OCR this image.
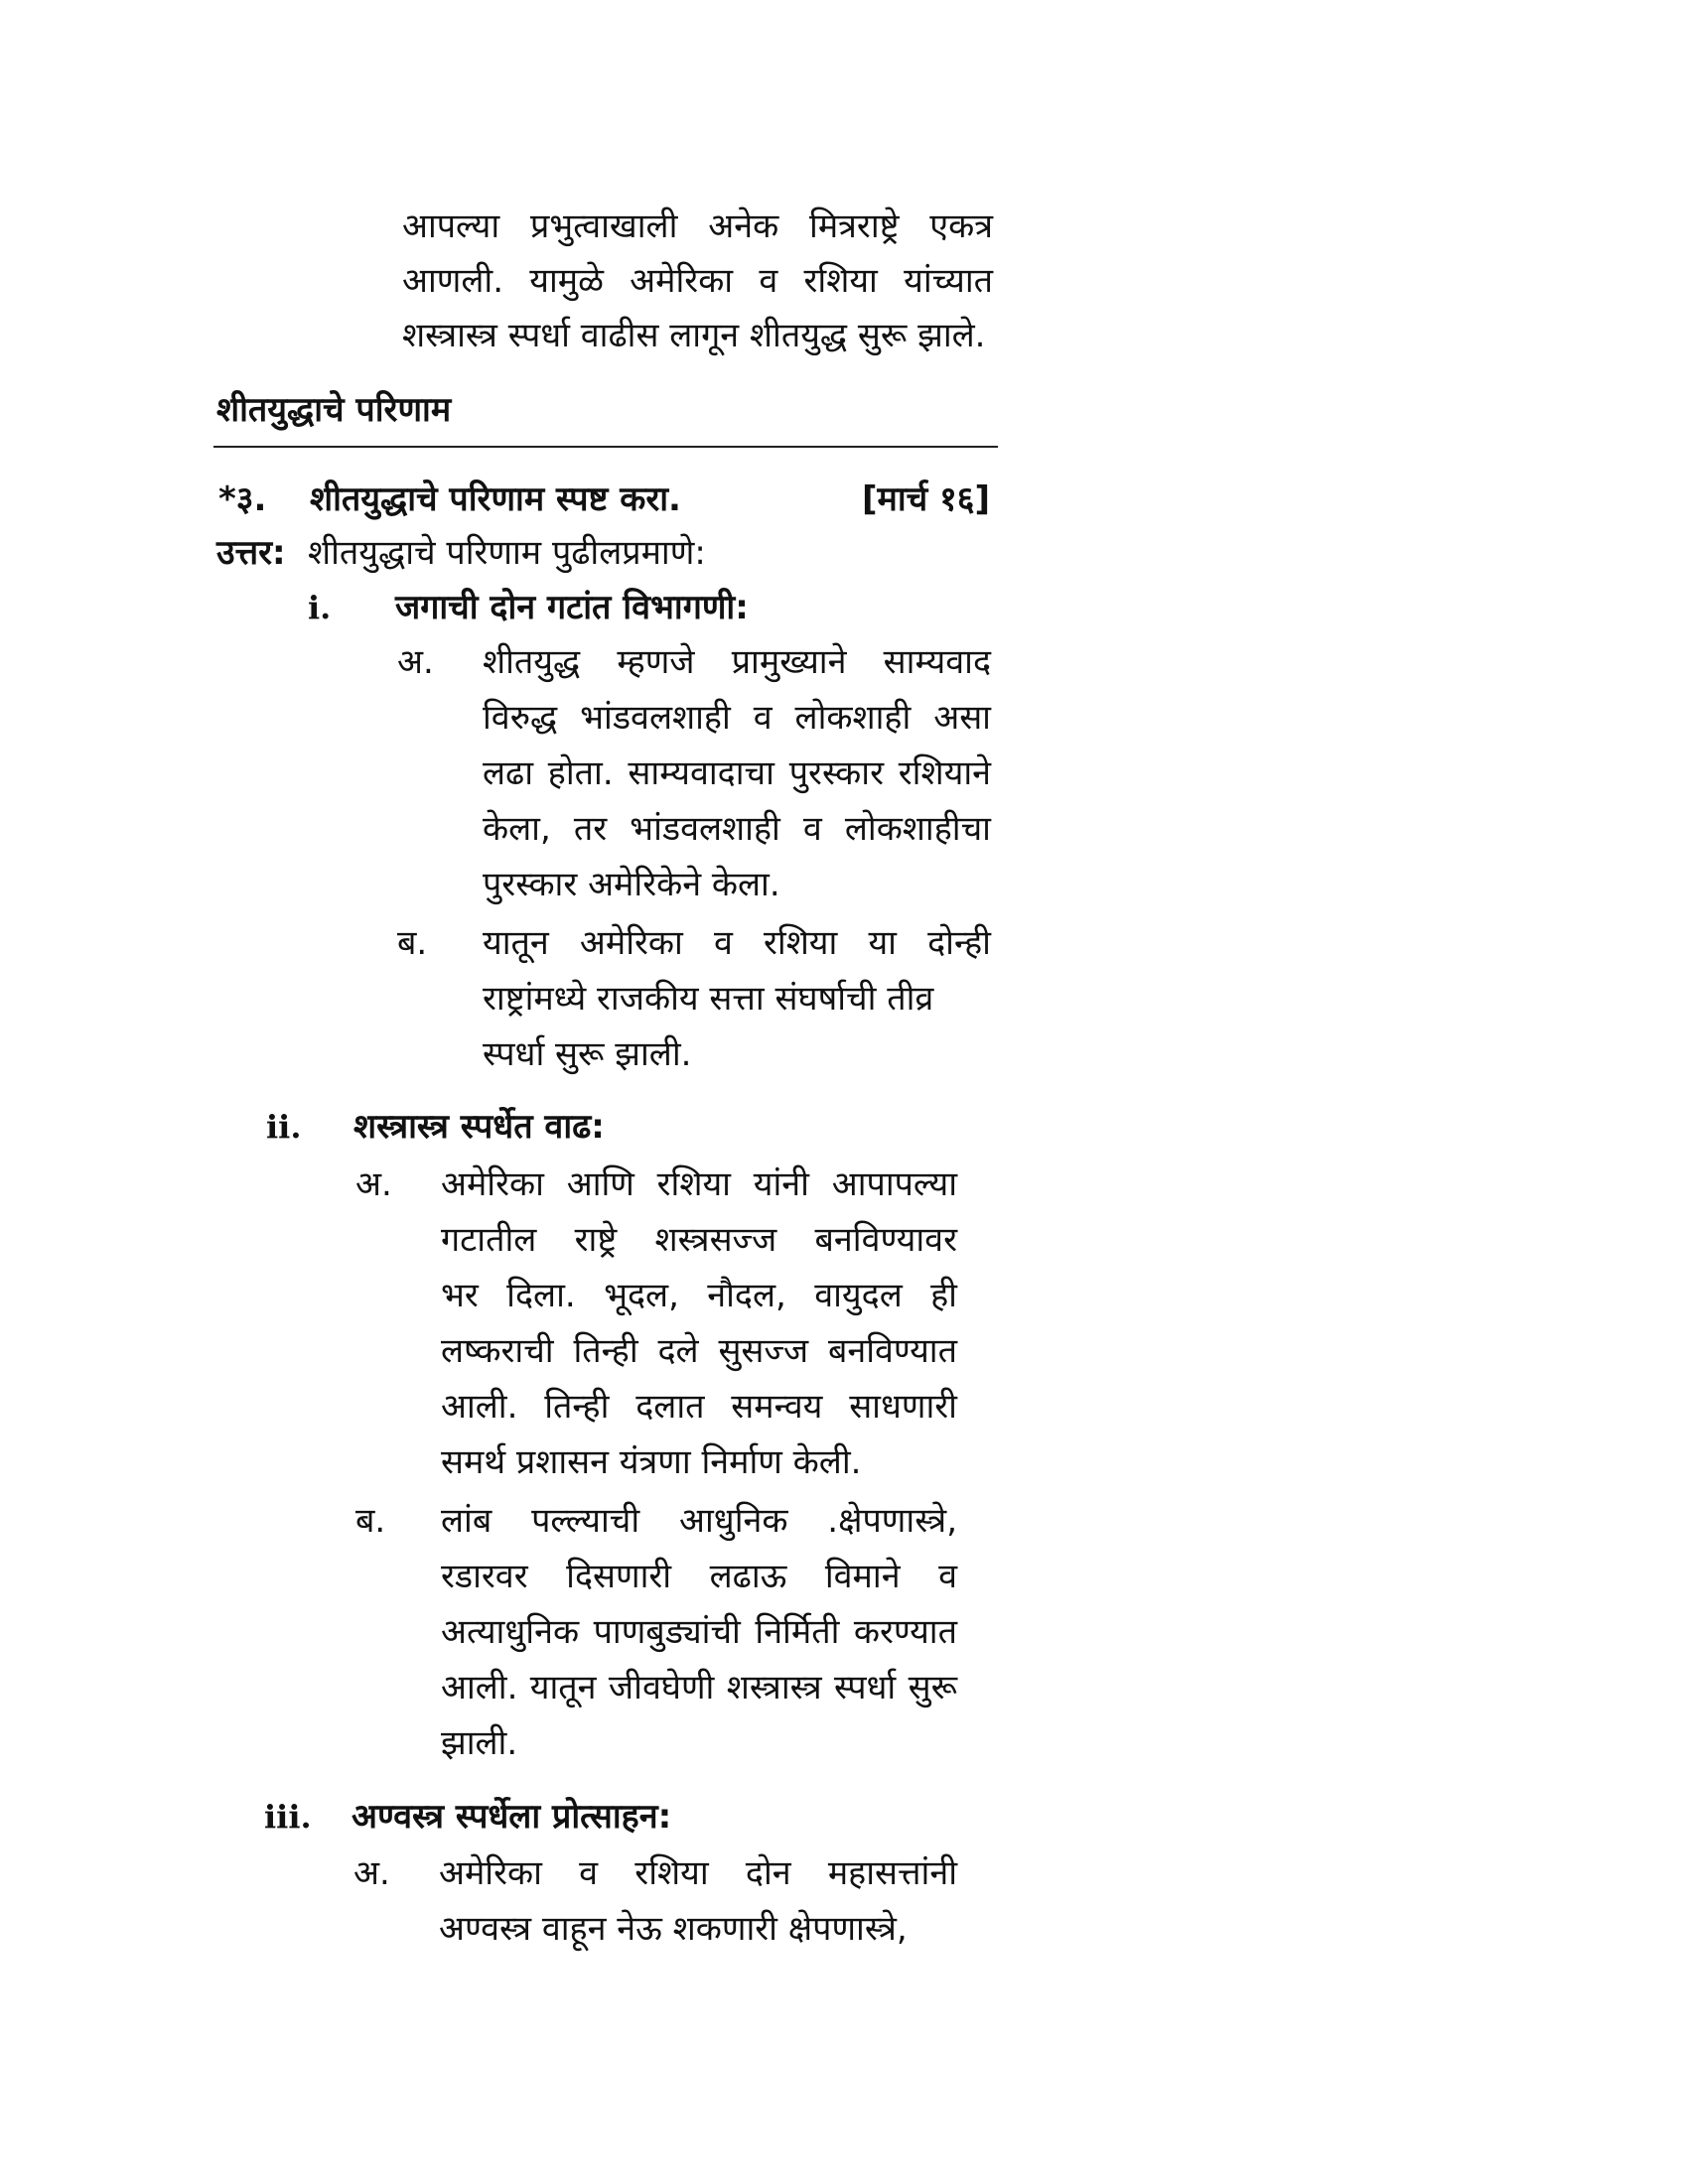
आपल्या प्रभुत्वाखाली अनेक मित्रराष्ट्रे एकत्र
आणली. यामुळे अमेरिका व रशिया यांच्यात
शस्त्रास्त्र स्पर्धा वाढीस लागून शीतयुद्ध सुरू झाले.
शीतयुद्धाचे परिणाम
*३. शीतयुद्धाचे परिणाम स्पष्ट करा.	[मार्च १६]
उत्तर: शीतयुद्धाचे परिणाम पुढीलप्रमाणे:
i. जगाची दोन गटांत विभागणी:
अ. शीतयुद्ध म्हणजे प्रामुख्याने साम्यवाद
विरुद्ध भांडवलशाही व लोकशाही असा
लढा होता. साम्यवादाचा पुरस्कार रशियाने
केला, तर भांडवलशाही व लोकशाहीचा
पुरस्कार अमेरिकेने केला.
ब. यातून अमेरिका व रशिया या दोन्ही
राष्ट्रांमध्ये राजकीय सत्ता संघर्षाची तीव्र
स्पर्धा सुरू झाली.
ii. शस्त्रास्त्र स्पर्धेत वाढ:
अ. अमेरिका आणि रशिया यांनी आपापल्या
गटातील राष्ट्रे शस्त्रसज्ज बनविण्यावर
भर दिला. भूदल, नौदल, वायुदल ही
लष्कराची तिन्ही दले सुसज्ज बनविण्यात
आली. तिन्ही दलात समन्वय साधणारी
समर्थ प्रशासन यंत्रणा निर्माण केली.
ब. लांब पल्ल्याची आधुनिक .क्षेपणास्त्रे,
रडारवर दिसणारी लढाऊ विमाने व
अत्याधुनिक पाणबुड्यांची निर्मिती करण्यात
आली. यातून जीवघेणी शस्त्रास्त्र स्पर्धा सुरू
झाली.
iii. अण्वस्त्र स्पर्धेला प्रोत्साहन:
अ. अमेरिका व रशिया दोन महासत्तांनी
अण्वस्त्र वाहून नेऊ शकणारी क्षेपणास्त्रे,
